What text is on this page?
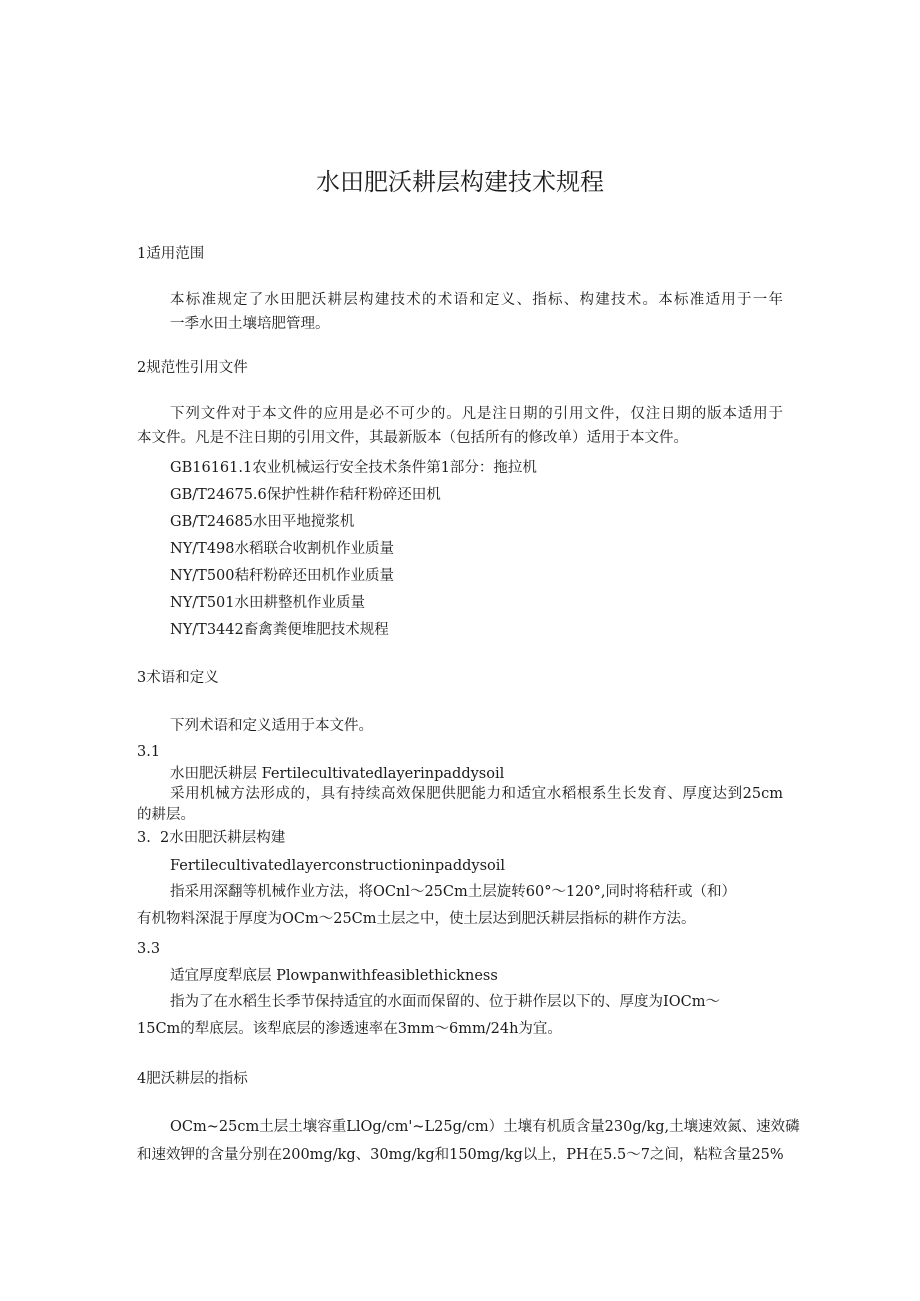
水田肥沃耕层构建技术规程
1适用范围
本标准规定了水田肥沃耕层构建技术的术语和定义、指标、构建技术。本标准适用于一年
一季水田土壤培肥管理。
2规范性引用文件
下列文件对于本文件的应用是必不可少的。凡是注日期的引用文件，仅注日期的版本适用于
本文件。凡是不注日期的引用文件，其最新版本（包括所有的修改单）适用于本文件。
GB16161.1农业机械运行安全技术条件第1部分：拖拉机
GB/T24675.6保护性耕作秸秆粉碎还田机
GB/T24685水田平地搅浆机
NY/T498水稻联合收割机作业质量
NY/T500秸秆粉碎还田机作业质量
NY/T501水田耕整机作业质量
NY/T3442畜禽粪便堆肥技术规程
3术语和定义
下列术语和定义适用于本文件。
3.1
水田肥沃耕层 Fertilecultivatedlayerinpaddysoil
采用机械方法形成的，具有持续高效保肥供肥能力和适宜水稻根系生长发育、厚度达到25cm
的耕层。
3.  2水田肥沃耕层构建
Fertilecultivatedlayerconstructioninpaddysoil
指采用深翻等机械作业方法，将OCnl～25Cm土层旋转60°～120°,同时将秸秆或（和）
有机物料深混于厚度为OCm～25Cm土层之中，使土层达到肥沃耕层指标的耕作方法。
3.3
适宜厚度犁底层 Plowpanwithfeasiblethickness
指为了在水稻生长季节保持适宜的水面而保留的、位于耕作层以下的、厚度为IOCm～
15Cm的犁底层。该犁底层的渗透速率在3mm～6mm∕24h为宜。
4肥沃耕层的指标
OCm~25cm土层土壤容重LlOg∕cm'~L25g∕cm）土壤有机质含量230g∕kg,土壤速效氮、速效磷
和速效钾的含量分别在200mg/kg、30mg∕kg和150mg∕kg以上，PH在5.5～7之间，粘粒含量25%
